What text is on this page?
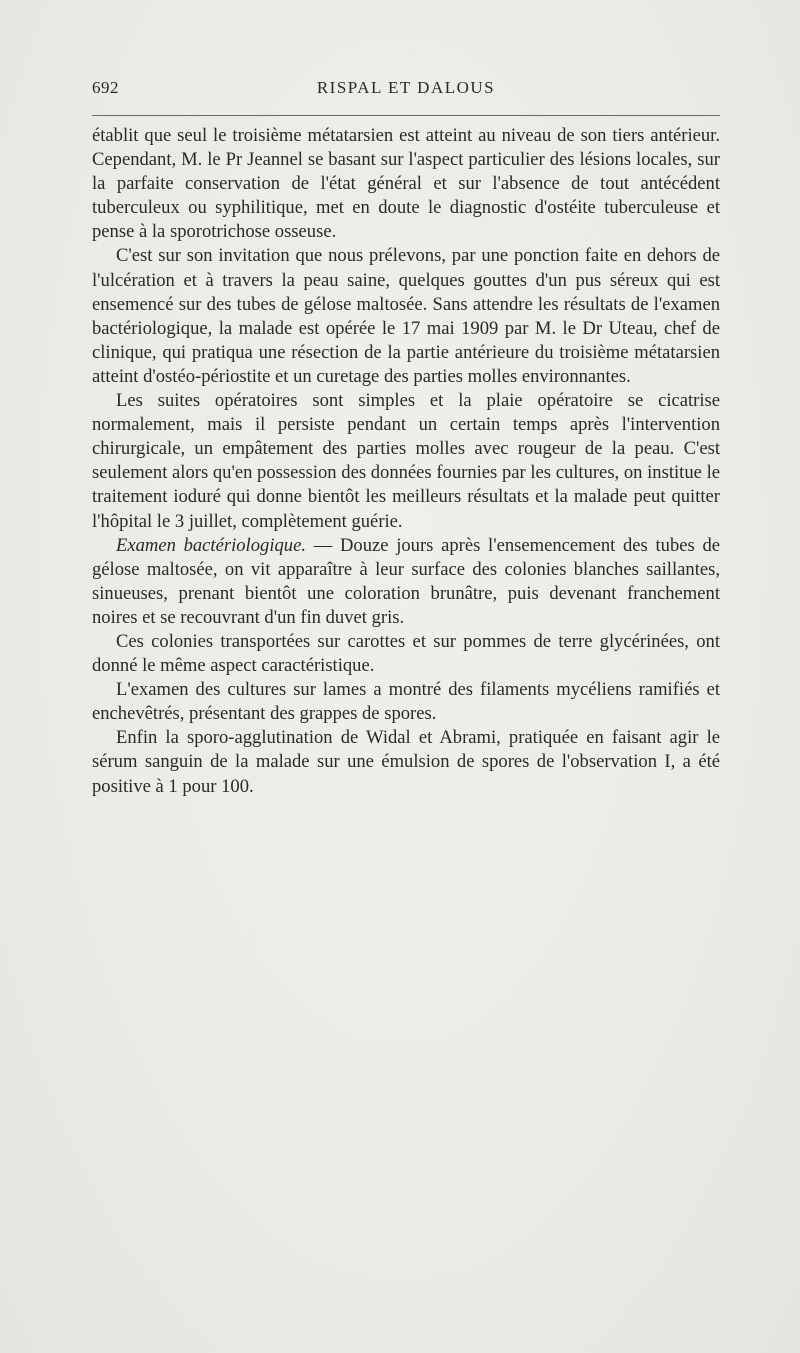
692	RISPAL ET DALOUS

établit que seul le troisième métatarsien est atteint au niveau de son tiers antérieur. Cependant, M. le Pr Jeannel se basant sur l'aspect particulier des lésions locales, sur la parfaite conservation de l'état général et sur l'absence de tout antécédent tuberculeux ou syphilitique, met en doute le diagnostic d'ostéite tuberculeuse et pense à la sporotrichose osseuse.

C'est sur son invitation que nous prélevons, par une ponction faite en dehors de l'ulcération et à travers la peau saine, quelques gouttes d'un pus séreux qui est ensemencé sur des tubes de gélose maltosée. Sans attendre les résultats de l'examen bactériologique, la malade est opérée le 17 mai 1909 par M. le Dr Uteau, chef de clinique, qui pratiqua une résection de la partie antérieure du troisième métatarsien atteint d'ostéo-périostite et un curetage des parties molles environnantes.

Les suites opératoires sont simples et la plaie opératoire se cicatrise normalement, mais il persiste pendant un certain temps après l'intervention chirurgicale, un empâtement des parties molles avec rougeur de la peau. C'est seulement alors qu'en possession des données fournies par les cultures, on institue le traitement ioduré qui donne bientôt les meilleurs résultats et la malade peut quitter l'hôpital le 3 juillet, complètement guérie.

Examen bactériologique. — Douze jours après l'ensemencement des tubes de gélose maltosée, on vit apparaître à leur surface des colonies blanches saillantes, sinueuses, prenant bientôt une coloration brunâtre, puis devenant franchement noires et se recouvrant d'un fin duvet gris.

Ces colonies transportées sur carottes et sur pommes de terre glycérinées, ont donné le même aspect caractéristique.

L'examen des cultures sur lames a montré des filaments mycéliens ramifiés et enchevêtrés, présentant des grappes de spores.

Enfin la sporo-agglutination de Widal et Abrami, pratiquée en faisant agir le sérum sanguin de la malade sur une émulsion de spores de l'observation I, a été positive à 1 pour 100.
